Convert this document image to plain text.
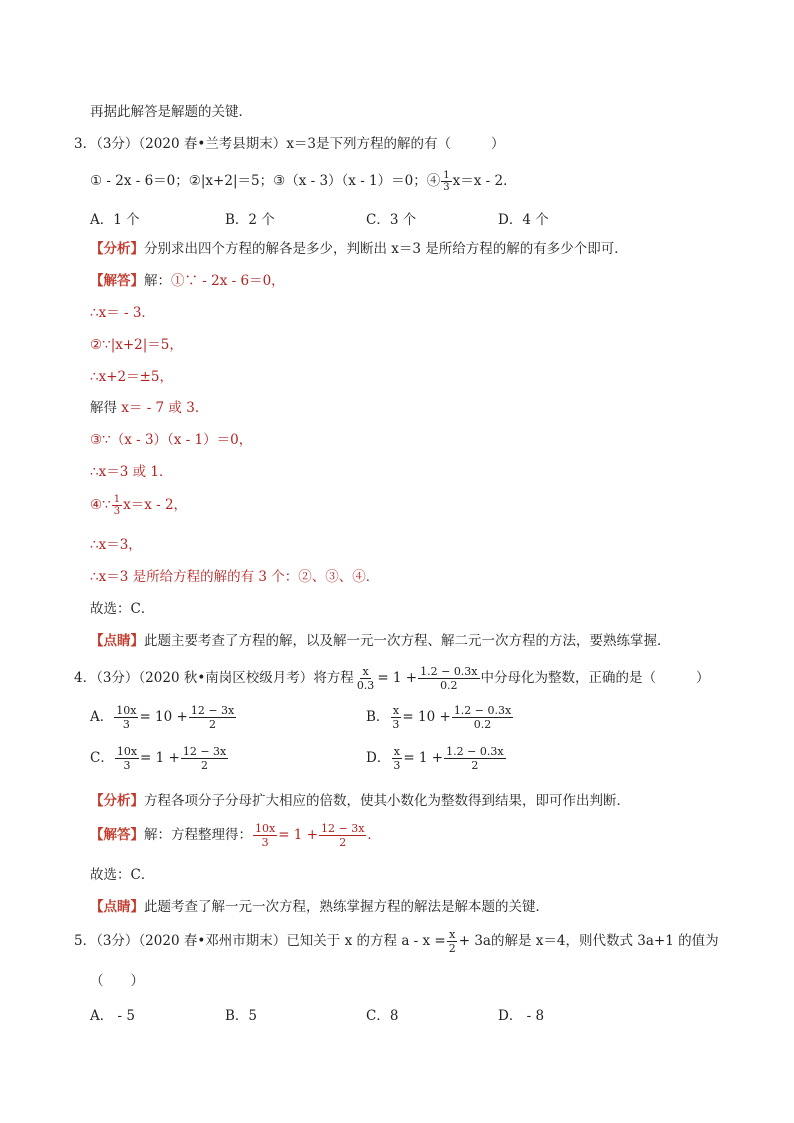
再据此解答是解题的关键．
3．（3分）（2020 春•兰考县期末）x＝3是下列方程的解的有（	）
① - 2x - 6＝0；②|x+2|＝5；③（x - 3）（x - 1）＝0；④ $\frac{1}{3} x=x - 2$．
A．1 个	B．2 个	C．3 个	D．4 个
【分析】分别求出四个方程的解各是多少，判断出 x＝3 是所给方程的解的有多少个即可．
【解答】解：①∵ - 2x - 6＝0，
∴x＝ - 3．
②∵|x+2|＝5，
∴x+2＝±5，
解得 x＝ - 7 或 3．
③∵（x - 3）（x - 1）＝0，
∴x＝3 或 1．
④∵ $\frac{1}{3} x=x - 2$，
∴x＝3，
∴x＝3 是所给方程的解的有 3 个：②、③、④．
故选：C．
【点睛】此题主要考查了方程的解，以及解一元一次方程、解二元一次方程的方法，要熟练掌握．
4．（3分）（2020 秋•南岗区校级月考）将方程 $\frac{x}{0.3} = 1 + \frac{1.2 - 0.3x}{0.2}$ 中分母化为整数，正确的是（	）
A． $\frac{10x}{3} = 10 + \frac{12 - 3x}{2}$	B． $\frac{x}{3} = 10 + \frac{1.2 - 0.3x}{0.2}$
C． $\frac{10x}{3} = 1 + \frac{12 - 3x}{2}$	D． $\frac{x}{3} = 1 + \frac{1.2 - 0.3x}{2}$
【分析】方程各项分子分母扩大相应的倍数，使其小数化为整数得到结果，即可作出判断．
【解答】解：方程整理得： $\frac{10x}{3} = 1 + \frac{12 - 3x}{2}$ ．
故选：C．
【点睛】此题考查了解一元一次方程，熟练掌握方程的解法是解本题的关键．
5．（3分）（2020 春•邓州市期末）已知关于 x 的方程 $a - x = \frac{x}{2} + 3a$的解是 x＝4，则代数式 3a+1 的值为
（　　）
A． - 5	B．5	C．8	D． - 8
